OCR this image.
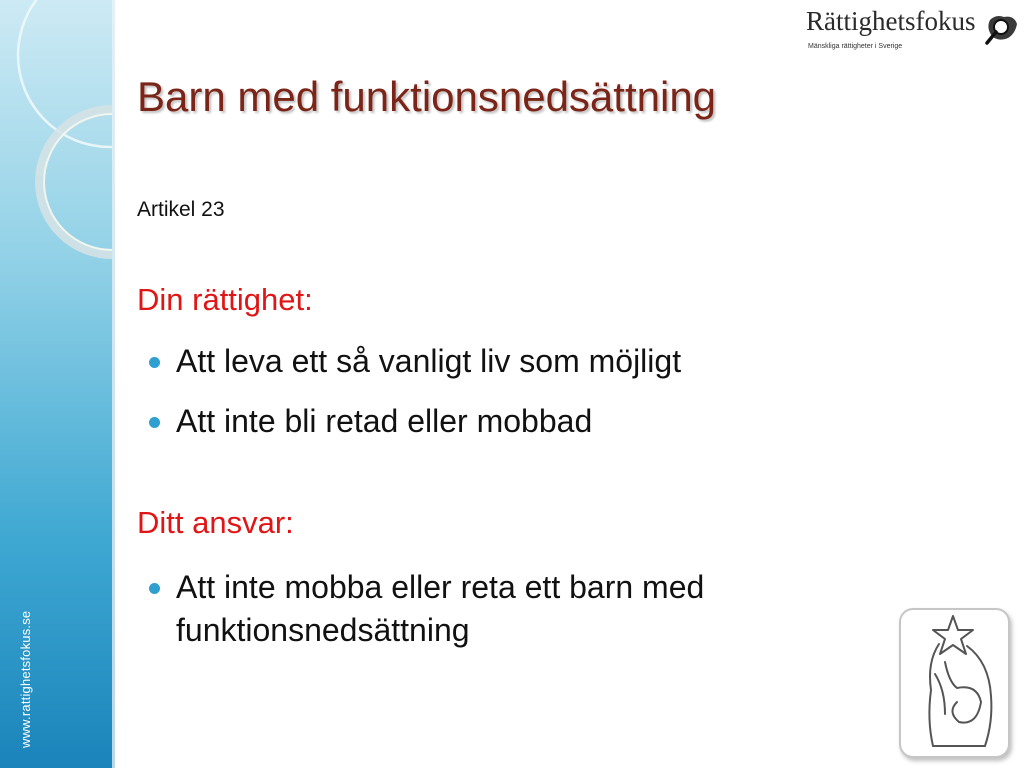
www.rattighetsfokus.se
Rättighetsfokus
Mänskliga rättigheter i Sverige
Barn med funktionsnedsättning
Artikel 23
Din rättighet:
Att leva ett så vanligt liv som möjligt
Att inte bli retad eller mobbad
Ditt ansvar:
Att inte mobba eller reta ett barn med funktionsnedsättning
